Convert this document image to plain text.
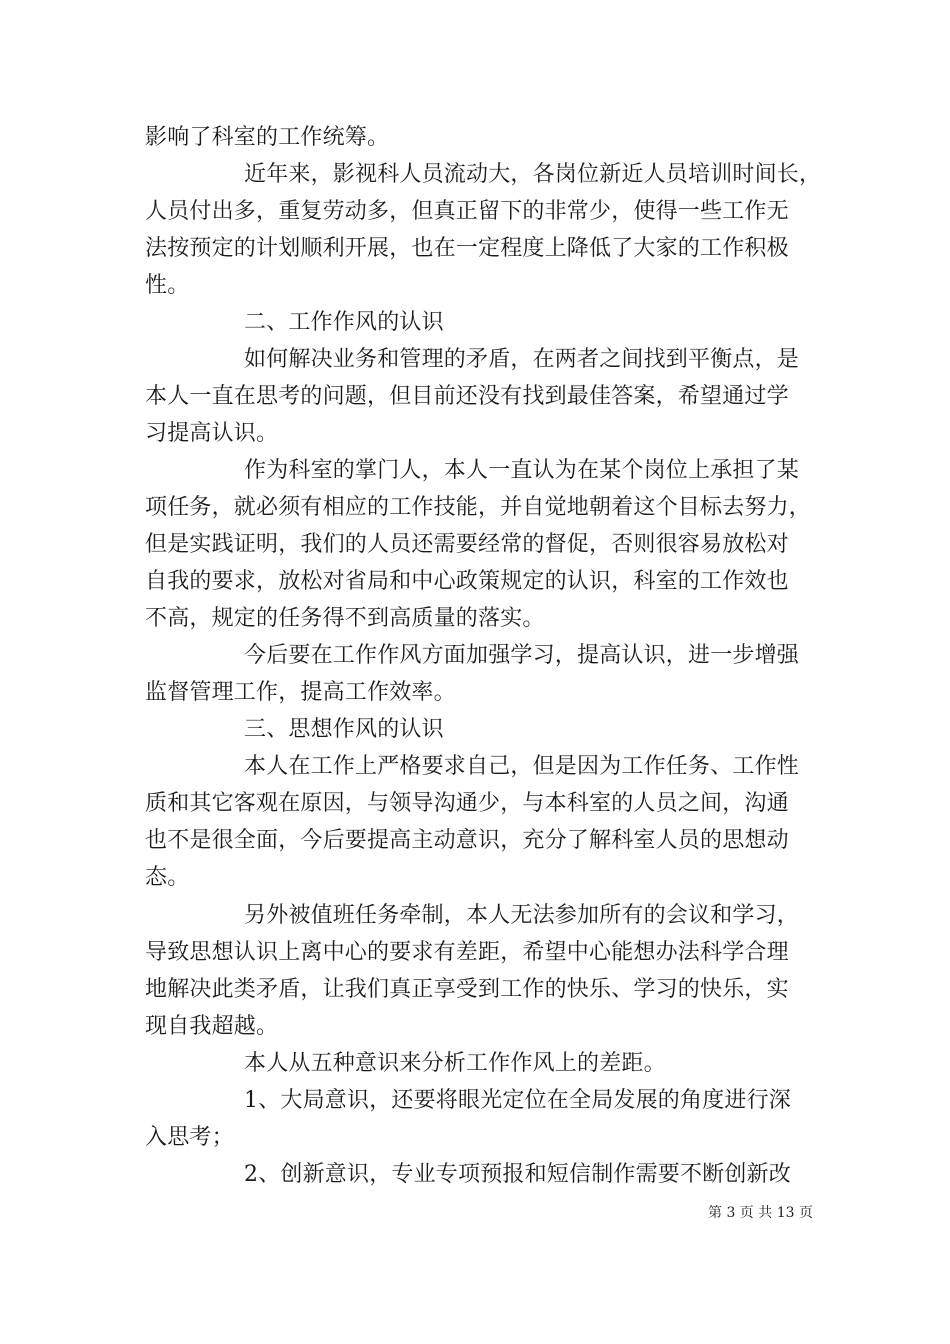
影响了科室的工作统筹。
近年来，影视科人员流动大，各岗位新近人员培训时间长，
人员付出多，重复劳动多，但真正留下的非常少，使得一些工作无
法按预定的计划顺利开展，也在一定程度上降低了大家的工作积极
性。
二、工作作风的认识
如何解决业务和管理的矛盾，在两者之间找到平衡点，是
本人一直在思考的问题，但目前还没有找到最佳答案，希望通过学
习提高认识。
作为科室的掌门人，本人一直认为在某个岗位上承担了某
项任务，就必须有相应的工作技能，并自觉地朝着这个目标去努力，
但是实践证明，我们的人员还需要经常的督促，否则很容易放松对
自我的要求，放松对省局和中心政策规定的认识，科室的工作效也
不高，规定的任务得不到高质量的落实。
今后要在工作作风方面加强学习，提高认识，进一步增强
监督管理工作，提高工作效率。
三、思想作风的认识
本人在工作上严格要求自己，但是因为工作任务、工作性
质和其它客观在原因，与领导沟通少，与本科室的人员之间，沟通
也不是很全面，今后要提高主动意识，充分了解科室人员的思想动
态。
另外被值班任务牵制，本人无法参加所有的会议和学习，
导致思想认识上离中心的要求有差距，希望中心能想办法科学合理
地解决此类矛盾，让我们真正享受到工作的快乐、学习的快乐，实
现自我超越。
本人从五种意识来分析工作作风上的差距。
1、大局意识，还要将眼光定位在全局发展的角度进行深
入思考；
2、创新意识，专业专项预报和短信制作需要不断创新改
第 3 页 共 13 页
